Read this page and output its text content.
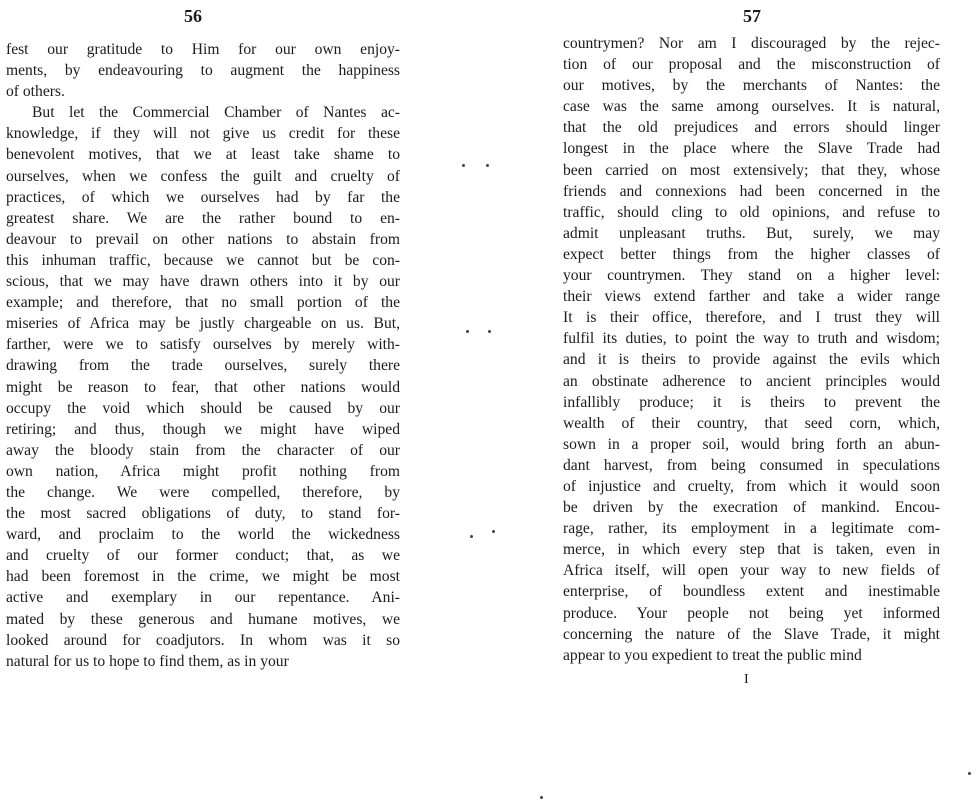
56
fest our gratitude to Him for our own enjoy-
ments, by endeavouring to augment the happiness
of others.
But let the Commercial Chamber of Nantes ac-
knowledge, if they will not give us credit for these
benevolent motives, that we at least take shame to
ourselves, when we confess the guilt and cruelty of
practices, of which we ourselves had by far the
greatest share. We are the rather bound to en-
deavour to prevail on other nations to abstain from
this inhuman traffic, because we cannot but be con-
scious, that we may have drawn others into it by our
example; and therefore, that no small portion of the
miseries of Africa may be justly chargeable on us. But,
farther, were we to satisfy ourselves by merely with-
drawing from the trade ourselves, surely there
might be reason to fear, that other nations would
occupy the void which should be caused by our
retiring; and thus, though we might have wiped
away the bloody stain from the character of our
own nation, Africa might profit nothing from
the change. We were compelled, therefore, by
the most sacred obligations of duty, to stand for-
ward, and proclaim to the world the wickedness
and cruelty of our former conduct; that, as we
had been foremost in the crime, we might be most
active and exemplary in our repentance. Ani-
mated by these generous and humane motives, we
looked around for coadjutors. In whom was it so
natural for us to hope to find them, as in your
57
countrymen? Nor am I discouraged by the rejec-
tion of our proposal and the misconstruction of
our motives, by the merchants of Nantes: the
case was the same among ourselves. It is natural,
that the old prejudices and errors should linger
longest in the place where the Slave Trade had
been carried on most extensively; that they, whose
friends and connexions had been concerned in the
traffic, should cling to old opinions, and refuse to
admit unpleasant truths. But, surely, we may
expect better things from the higher classes of
your countrymen. They stand on a higher level:
their views extend farther and take a wider range
It is their office, therefore, and I trust they will
fulfil its duties, to point the way to truth and wisdom;
and it is theirs to provide against the evils which
an obstinate adherence to ancient principles would
infallibly produce; it is theirs to prevent the
wealth of their country, that seed corn, which,
sown in a proper soil, would bring forth an abun-
dant harvest, from being consumed in speculations
of injustice and cruelty, from which it would soon
be driven by the execration of mankind. Encou-
rage, rather, its employment in a legitimate com-
merce, in which every step that is taken, even in
Africa itself, will open your way to new fields of
enterprise, of boundless extent and inestimable
produce. Your people not being yet informed
concerning the nature of the Slave Trade, it might
appear to you expedient to treat the public mind
I
